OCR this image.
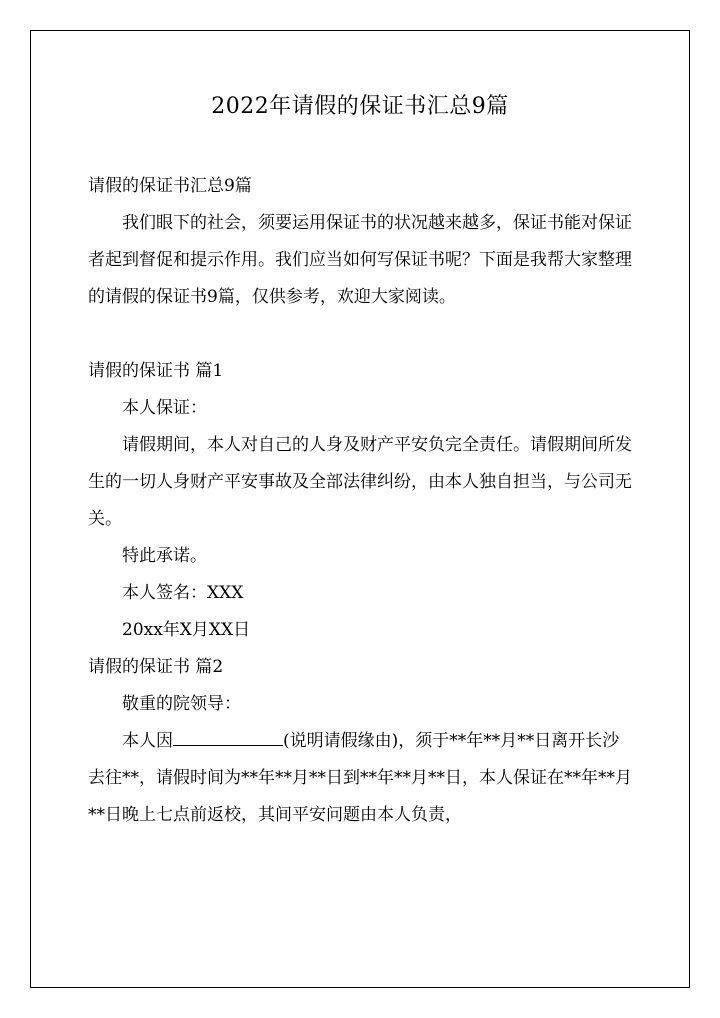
2022年请假的保证书汇总9篇

请假的保证书汇总9篇

我们眼下的社会，须要运用保证书的状况越来越多，保证书能对保证者起到督促和提示作用。我们应当如何写保证书呢？下面是我帮大家整理的请假的保证书9篇，仅供参考，欢迎大家阅读。

请假的保证书 篇1

本人保证：

请假期间，本人对自己的人身及财产平安负完全责任。请假期间所发生的一切人身财产平安事故及全部法律纠纷，由本人独自担当，与公司无关。

特此承诺。

本人签名：XXX

20xx年X月XX日

请假的保证书 篇2

敬重的院领导：

本人因	(说明请假缘由)，须于**年**月**日离开长沙去往**，请假时间为**年**月**日到**年**月**日，本人保证在**年**月**日晚上七点前返校，其间平安问题由本人负责，
